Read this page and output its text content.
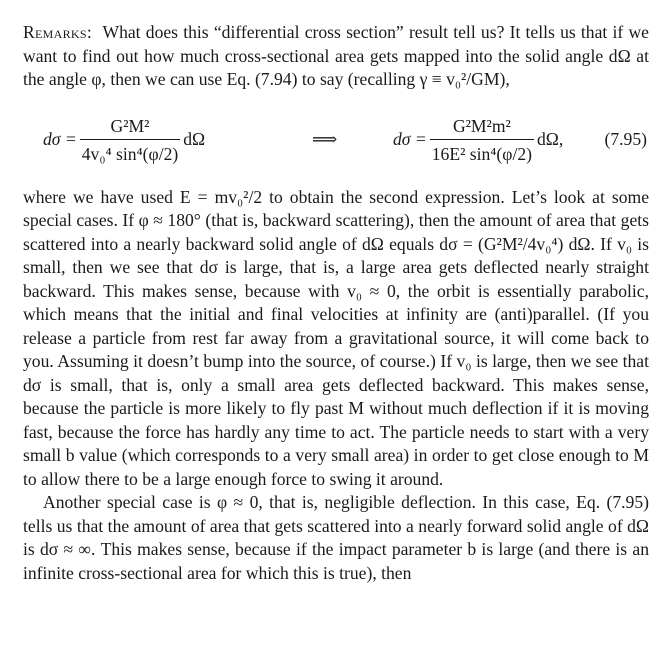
Remarks: What does this “differential cross section” result tell us? It tells us that if we want to find out how much cross-sectional area gets mapped into the solid angle dΩ at the angle φ, then we can use Eq. (7.94) to say (recalling γ ≡ v₀²/GM),

$d\sigma = \frac{\text{G²M²}}{\text{4v₀⁴ sin⁴(φ/2)}}$ dΩ	⟹	$d\sigma = \frac{\text{G²M²m²}}{\text{16E² sin⁴(φ/2)}} d\Omega$, (7.95)

where we have used E = mv₀²/2 to obtain the second expression. Let’s look at some special cases. If φ ≈ 180° (that is, backward scattering), then the amount of area that gets scattered into a nearly backward solid angle of dΩ equals dσ = (G²M²/4v₀⁴) dΩ. If v₀ is small, then we see that dσ is large, that is, a large area gets deflected nearly straight backward. This makes sense, because with v₀ ≈ 0, the orbit is essentially parabolic, which means that the initial and final velocities at infinity are (anti)parallel. (If you release a particle from rest far away from a gravitational source, it will come back to you. Assuming it doesn’t bump into the source, of course.) If v₀ is large, then we see that dσ is small, that is, only a small area gets deflected backward. This makes sense, because the particle is more likely to fly past M without much deflection if it is moving fast, because the force has hardly any time to act. The particle needs to start with a very small b value (which corresponds to a very small area) in order to get close enough to M to allow there to be a large enough force to swing it around.

Another special case is φ ≈ 0, that is, negligible deflection. In this case, Eq. (7.95) tells us that the amount of area that gets scattered into a nearly forward solid angle of dΩ is dσ ≈ ∞. This makes sense, because if the impact parameter b is large (and there is an infinite cross-sectional area for which this is true), then
